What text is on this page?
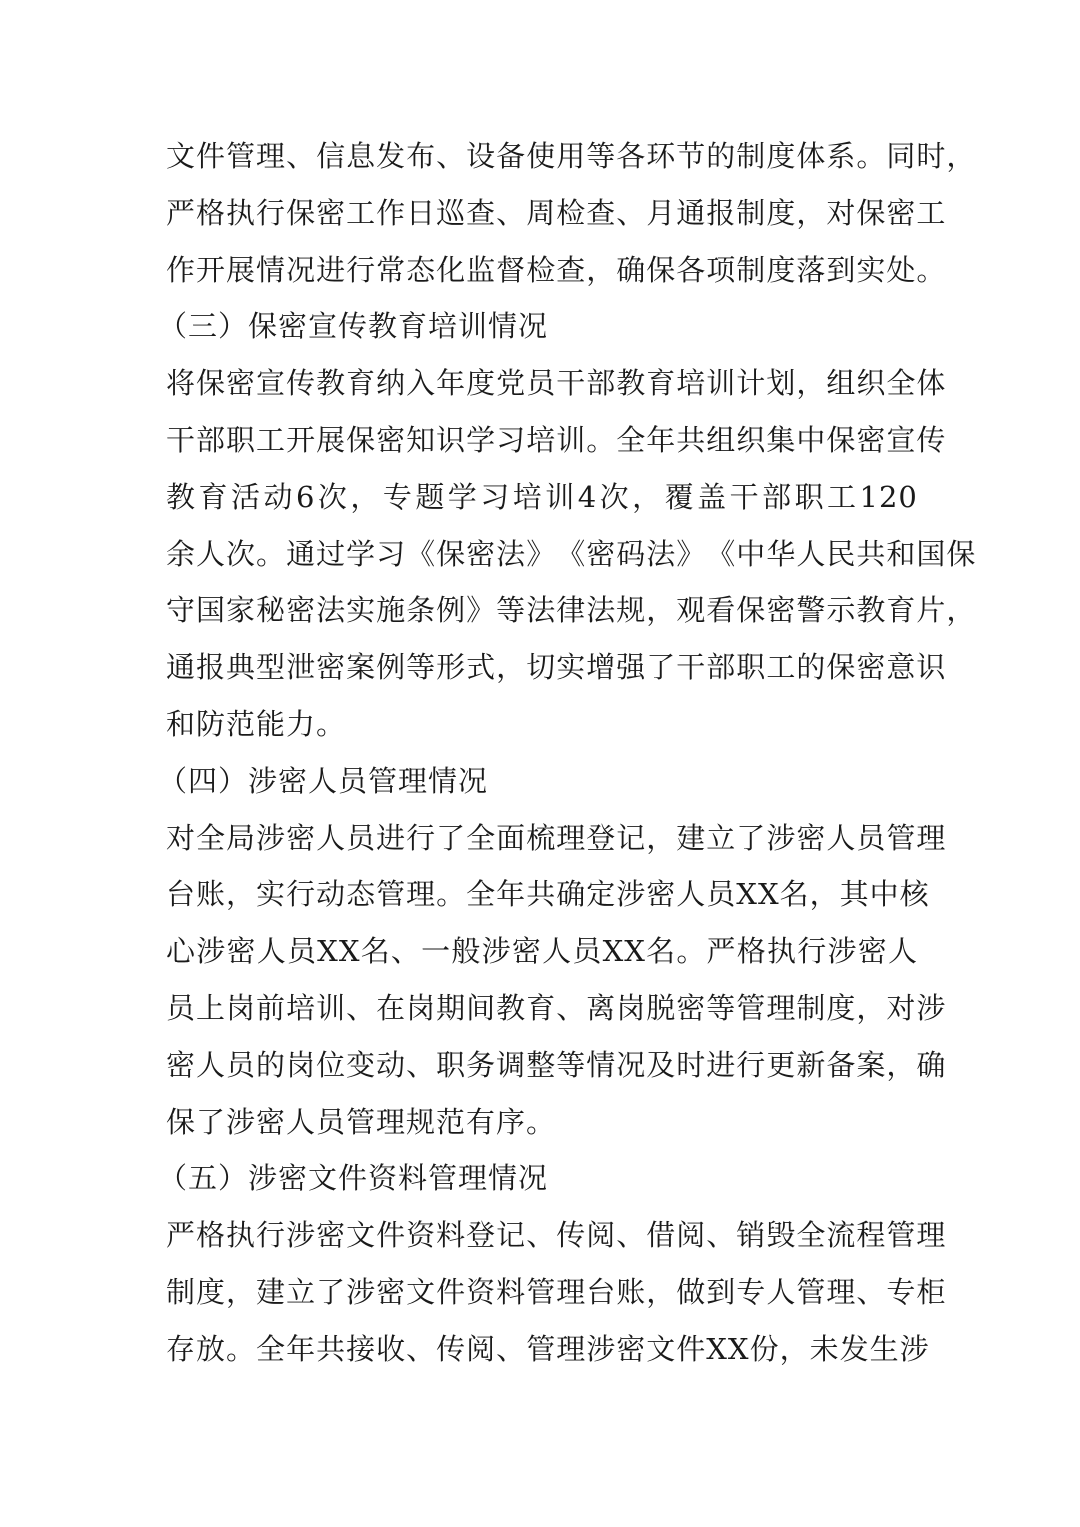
文 件 管 理 、 信 息 发 布 、 设 备 使 用 等 各 环 节 的 制 度 体 系 。 同 时 ，
严 格 执 行 保 密 工 作 日 巡 查 、 周 检 查 、 月 通 报 制 度 ， 对 保 密 工
作 开 展 情 况 进 行 常 态 化 监 督 检 查 ， 确 保 各 项 制 度 落 到 实 处 。
（三）保密宣传教育培训情况
将 保 密 宣 传 教 育 纳 入 年 度 党 员 干 部 教 育 培 训 计 划 ， 组 织 全 体
干 部 职 工 开 展 保 密 知 识 学 习 培 训 。 全 年 共 组 织 集 中 保 密 宣 传
教 育 活 动 6 次 ， 专 题 学 习 培 训 4 次 ， 覆 盖 干 部 职 工 120
余 人 次 。 通 过 学 习 《 保 密 法 》 《 密 码 法 》 《 中 华 人 民 共 和 国 保
守 国 家 秘 密 法 实 施 条 例 》 等 法 律 法 规 ， 观 看 保 密 警 示 教 育 片 ，
通 报 典 型 泄 密 案 例 等 形 式 ， 切 实 增 强 了 干 部 职 工 的 保 密 意 识
和防范能力。
（四）涉密人员管理情况
对 全 局 涉 密 人 员 进 行 了 全 面 梳 理 登 记 ， 建 立 了 涉 密 人 员 管 理
台 账 ， 实 行 动 态 管 理 。 全 年 共 确 定 涉 密 人 员 XX 名 ， 其 中 核
心 涉 密 人 员 XX 名 、 一 般 涉 密 人 员 XX 名 。 严 格 执 行 涉 密 人
员 上 岗 前 培 训 、 在 岗 期 间 教 育 、 离 岗 脱 密 等 管 理 制 度 ， 对 涉
密 人 员 的 岗 位 变 动 、 职 务 调 整 等 情 况 及 时 进 行 更 新 备 案 ， 确
保了涉密人员管理规范有序。
（五）涉密文件资料管理情况
严 格 执 行 涉 密 文 件 资 料 登 记 、 传 阅 、 借 阅 、 销 毁 全 流 程 管 理
制 度 ， 建 立 了 涉 密 文 件 资 料 管 理 台 账 ， 做 到 专 人 管 理 、 专 柜
存 放 。 全 年 共 接 收 、 传 阅 、 管 理 涉 密 文 件 XX 份 ， 未 发 生 涉
